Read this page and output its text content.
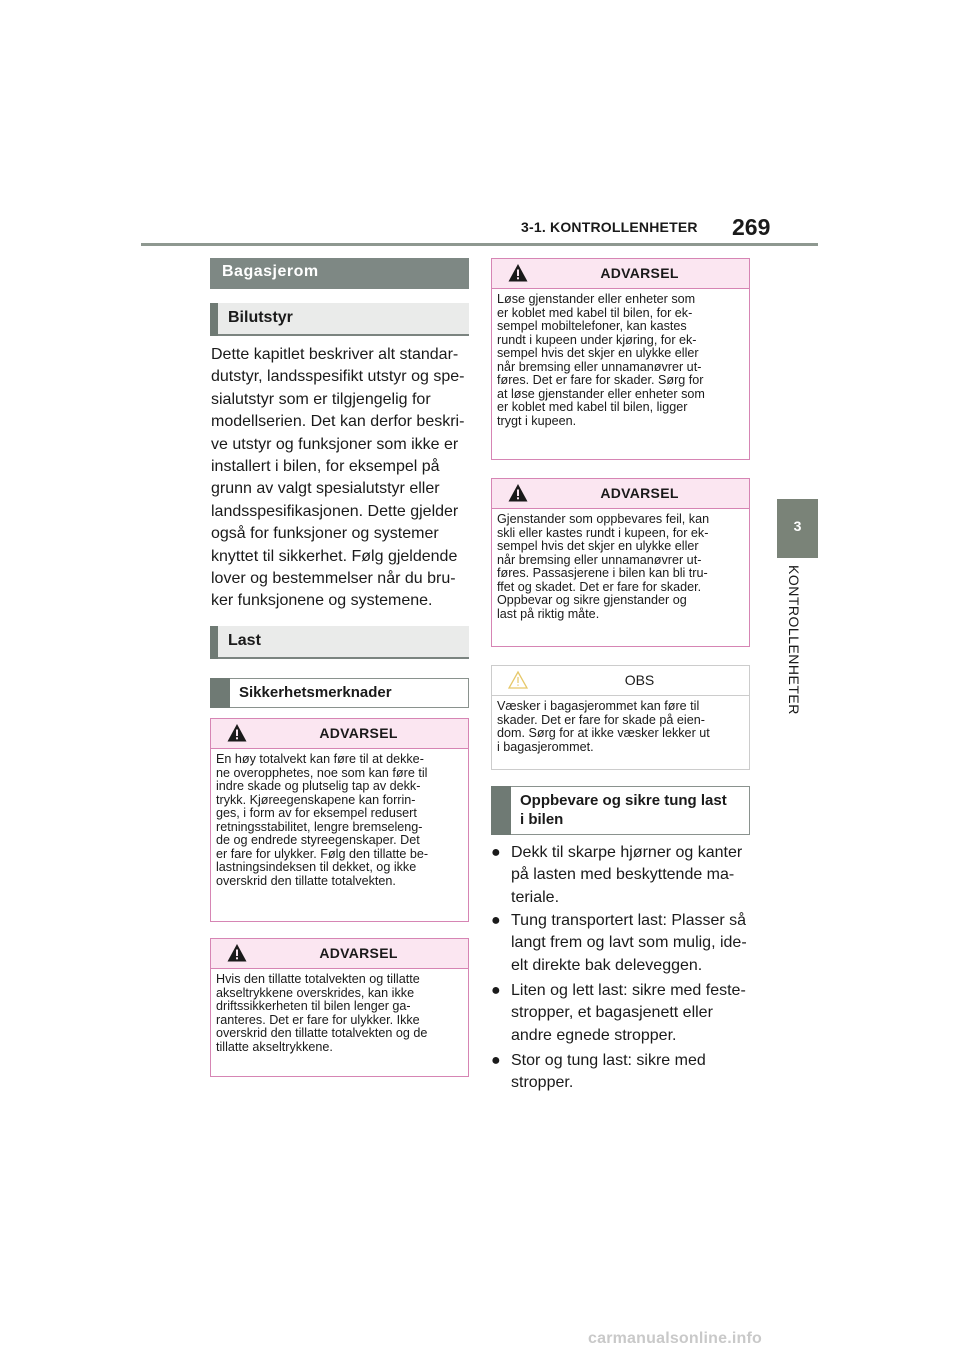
3-1. KONTROLLENHETER 269
3
KONTROLLENHETER
Bagasjerom
Bilutstyr
Dette kapitlet beskriver alt standar-
dutstyr, landsspesifikt utstyr og spe-
sialutstyr som er tilgjengelig for
modellserien. Det kan derfor beskri-
ve utstyr og funksjoner som ikke er
installert i bilen, for eksempel på
grunn av valgt spesialutstyr eller
landsspesifikasjonen. Dette gjelder
også for funksjoner og systemer
knyttet til sikkerhet. Følg gjeldende
lover og bestemmelser når du bru-
ker funksjonene og systemene.
Last
Sikkerhetsmerknader
ADVARSEL
En høy totalvekt kan føre til at dekke-
ne overopphetes, noe som kan føre til
indre skade og plutselig tap av dekk-
trykk. Kjøreegenskapene kan forrin-
ges, i form av for eksempel redusert
retningsstabilitet, lengre bremseleng-
de og endrede styreegenskaper. Det
er fare for ulykker. Følg den tillatte be-
lastningsindeksen til dekket, og ikke
overskrid den tillatte totalvekten.
ADVARSEL
Hvis den tillatte totalvekten og tillatte
akseltrykkene overskrides, kan ikke
driftssikkerheten til bilen lenger ga-
ranteres. Det er fare for ulykker. Ikke
overskrid den tillatte totalvekten og de
tillatte akseltrykkene.
ADVARSEL
Løse gjenstander eller enheter som
er koblet med kabel til bilen, for ek-
sempel mobiltelefoner, kan kastes
rundt i kupeen under kjøring, for ek-
sempel hvis det skjer en ulykke eller
når bremsing eller unnamanøvrer ut-
føres. Det er fare for skader. Sørg for
at løse gjenstander eller enheter som
er koblet med kabel til bilen, ligger
trygt i kupeen.
ADVARSEL
Gjenstander som oppbevares feil, kan
skli eller kastes rundt i kupeen, for ek-
sempel hvis det skjer en ulykke eller
når bremsing eller unnamanøvrer ut-
føres. Passasjerene i bilen kan bli tru-
ffet og skadet. Det er fare for skader.
Oppbevar og sikre gjenstander og
last på riktig måte.
OBS
Væsker i bagasjerommet kan føre til
skader. Det er fare for skade på eien-
dom. Sørg for at ikke væsker lekker ut
i bagasjerommet.
Oppbevare og sikre tung last
i bilen
● Dekk til skarpe hjørner og kanter
på lasten med beskyttende ma-
teriale.
● Tung transportert last: Plasser så
langt frem og lavt som mulig, ide-
elt direkte bak deleveggen.
● Liten og lett last: sikre med feste-
stropper, et bagasjenett eller
andre egnede stropper.
● Stor og tung last: sikre med
stropper.
carmanualsonline.info
